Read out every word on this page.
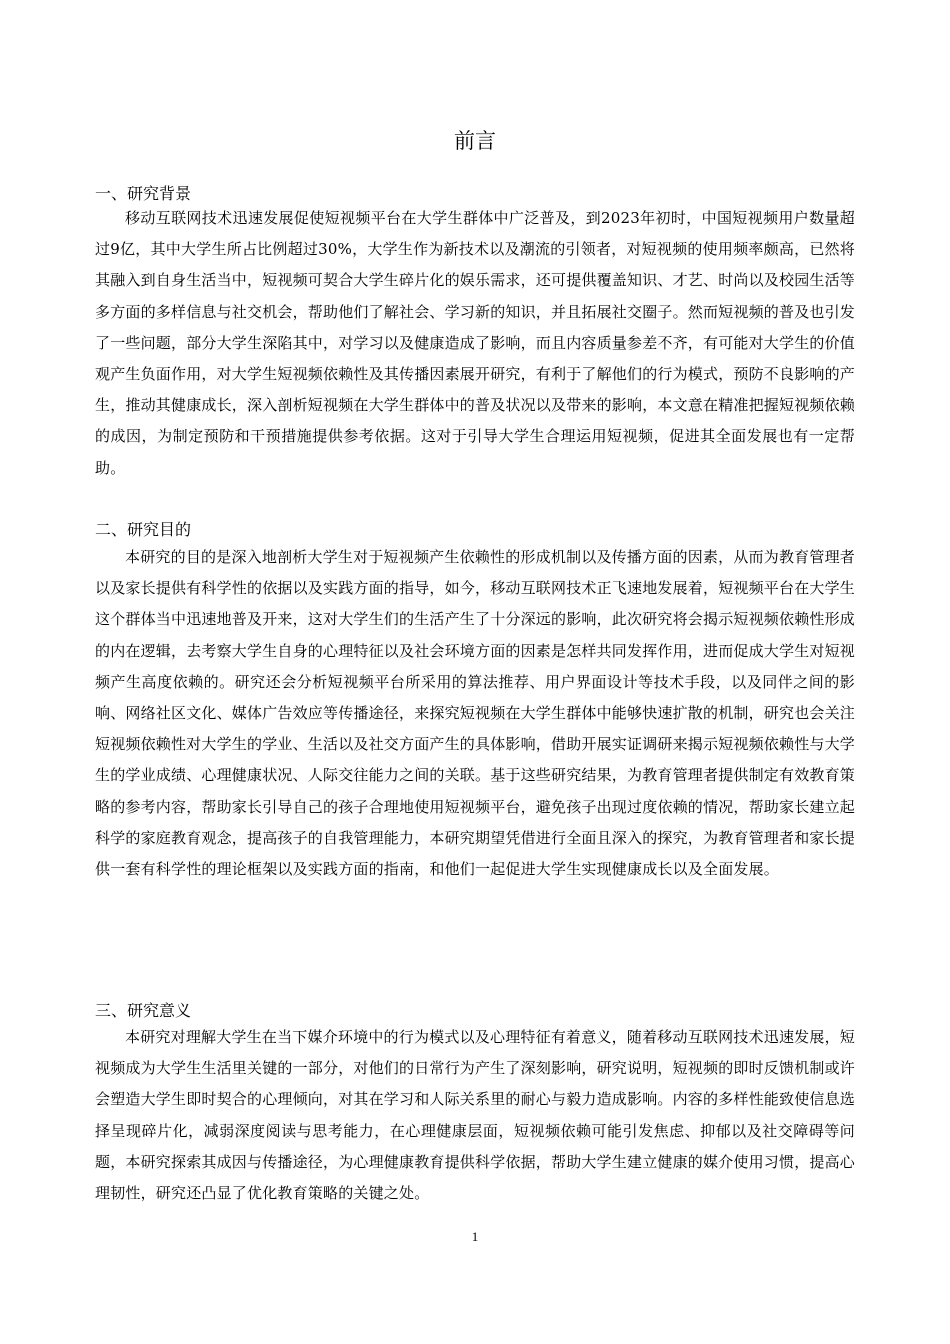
前言
一、研究背景

移动互联网技术迅速发展促使短视频平台在大学生群体中广泛普及，到2023年初时，中国短视频用户数量超过9亿，其中大学生所占比例超过30%，大学生作为新技术以及潮流的引领者，对短视频的使用频率颇高，已然将其融入到自身生活当中，短视频可契合大学生碎片化的娱乐需求，还可提供覆盖知识、才艺、时尚以及校园生活等多方面的多样信息与社交机会，帮助他们了解社会、学习新的知识，并且拓展社交圈子。然而短视频的普及也引发了一些问题，部分大学生深陷其中，对学习以及健康造成了影响，而且内容质量参差不齐，有可能对大学生的价值观产生负面作用，对大学生短视频依赖性及其传播因素展开研究，有利于了解他们的行为模式，预防不良影响的产生，推动其健康成长，深入剖析短视频在大学生群体中的普及状况以及带来的影响，本文意在精准把握短视频依赖的成因，为制定预防和干预措施提供参考依据。这对于引导大学生合理运用短视频，促进其全面发展也有一定帮助。

二、研究目的

本研究的目的是深入地剖析大学生对于短视频产生依赖性的形成机制以及传播方面的因素，从而为教育管理者以及家长提供有科学性的依据以及实践方面的指导，如今，移动互联网技术正飞速地发展着，短视频平台在大学生这个群体当中迅速地普及开来，这对大学生们的生活产生了十分深远的影响，此次研究将会揭示短视频依赖性形成的内在逻辑，去考察大学生自身的心理特征以及社会环境方面的因素是怎样共同发挥作用，进而促成大学生对短视频产生高度依赖的。研究还会分析短视频平台所采用的算法推荐、用户界面设计等技术手段，以及同伴之间的影响、网络社区文化、媒体广告效应等传播途径，来探究短视频在大学生群体中能够快速扩散的机制，研究也会关注短视频依赖性对大学生的学业、生活以及社交方面产生的具体影响，借助开展实证调研来揭示短视频依赖性与大学生的学业成绩、心理健康状况、人际交往能力之间的关联。基于这些研究结果，为教育管理者提供制定有效教育策略的参考内容，帮助家长引导自己的孩子合理地使用短视频平台，避免孩子出现过度依赖的情况，帮助家长建立起科学的家庭教育观念，提高孩子的自我管理能力，本研究期望凭借进行全面且深入的探究，为教育管理者和家长提供一套有科学性的理论框架以及实践方面的指南，和他们一起促进大学生实现健康成长以及全面发展。

三、研究意义

本研究对理解大学生在当下媒介环境中的行为模式以及心理特征有着意义，随着移动互联网技术迅速发展，短视频成为大学生生活里关键的一部分，对他们的日常行为产生了深刻影响，研究说明，短视频的即时反馈机制或许会塑造大学生即时契合的心理倾向，对其在学习和人际关系里的耐心与毅力造成影响。内容的多样性能致使信息选择呈现碎片化，减弱深度阅读与思考能力，在心理健康层面，短视频依赖可能引发焦虑、抑郁以及社交障碍等问题，本研究探索其成因与传播途径，为心理健康教育提供科学依据，帮助大学生建立健康的媒介使用习惯，提高心理韧性，研究还凸显了优化教育策略的关键之处。

1
